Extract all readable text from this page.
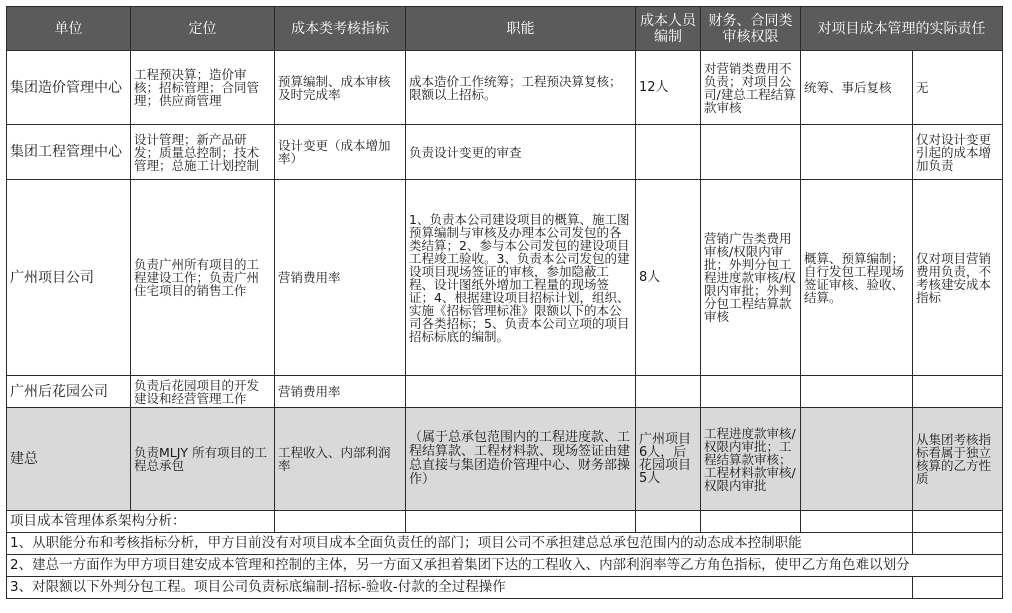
单位	定位	成本类考核指标	职能	成本人员编制	财务、合同类审核权限	对项目成本管理的实际责任	
集团造价管理中心	工程预决算；造价审核；招标管理；合同管理；供应商管理	预算编制、成本审核及时完成率	成本造价工作统筹；工程预决算复核；限额以上招标。	12人	对营销类费用不负责；对项目公司/建总工程结算款审核	统筹、事后复核	无
集团工程管理中心	设计管理；新产品研发；质量总控制；技术管理；总施工计划控制	设计变更（成本增加率）	负责设计变更的审查				仅对设计变更引起的成本增加负责
广州项目公司	负责广州所有项目的工程建设工作；负责广州住宅项目的销售工作	营销费用率	1、负责本公司建设项目的概算、施工图预算编制与审核及办理本公司发包的各类结算；2、参与本公司发包的建设项目工程竣工验收。3、负责本公司发包的建设项目现场签证的审核，参加隐蔽工程、设计图纸外增加工程量的现场签证；4、根据建设项目招标计划，组织、实施《招标管理标准》限额以下的本公司各类招标；5、负责本公司立项的项目招标标底的编制。	8人	营销广告类费用审核/权限内审批；外判分包工程进度款审核/权限内审批；外判分包工程结算款审核	概算、预算编制；自行发包工程现场签证审核、验收、结算。	仅对项目营销费用负责，不考核建安成本指标
广州后花园公司	负责后花园项目的开发建设和经营管理工作	营销费用率					
建总	负责MLJY 所有项目的工程总承包	工程收入、内部利润率	（属于总承包范围内的工程进度款、工程结算款、工程材料款、现场签证由建总直接与集团造价管理中心、财务部操作）	广州项目6人，后花园项目5人	工程进度款审核/权限内审批；工程结算款审核；工程材料款审核/权限内审批		从集团考核指标看属于独立核算的乙方性质
项目成本管理体系架构分析：							
1、从职能分布和考核指标分析，甲方目前没有对项目成本全面负责任的部门；项目公司不承担建总总承包范围内的动态成本控制职能							
2、建总一方面作为甲方项目建安成本管理和控制的主体，另一方面又承担着集团下达的工程收入、内部利润率等乙方角色指标，使甲乙方角色难以划分							
3、对限额以下外判分包工程。项目公司负责标底编制-招标-验收-付款的全过程操作							
